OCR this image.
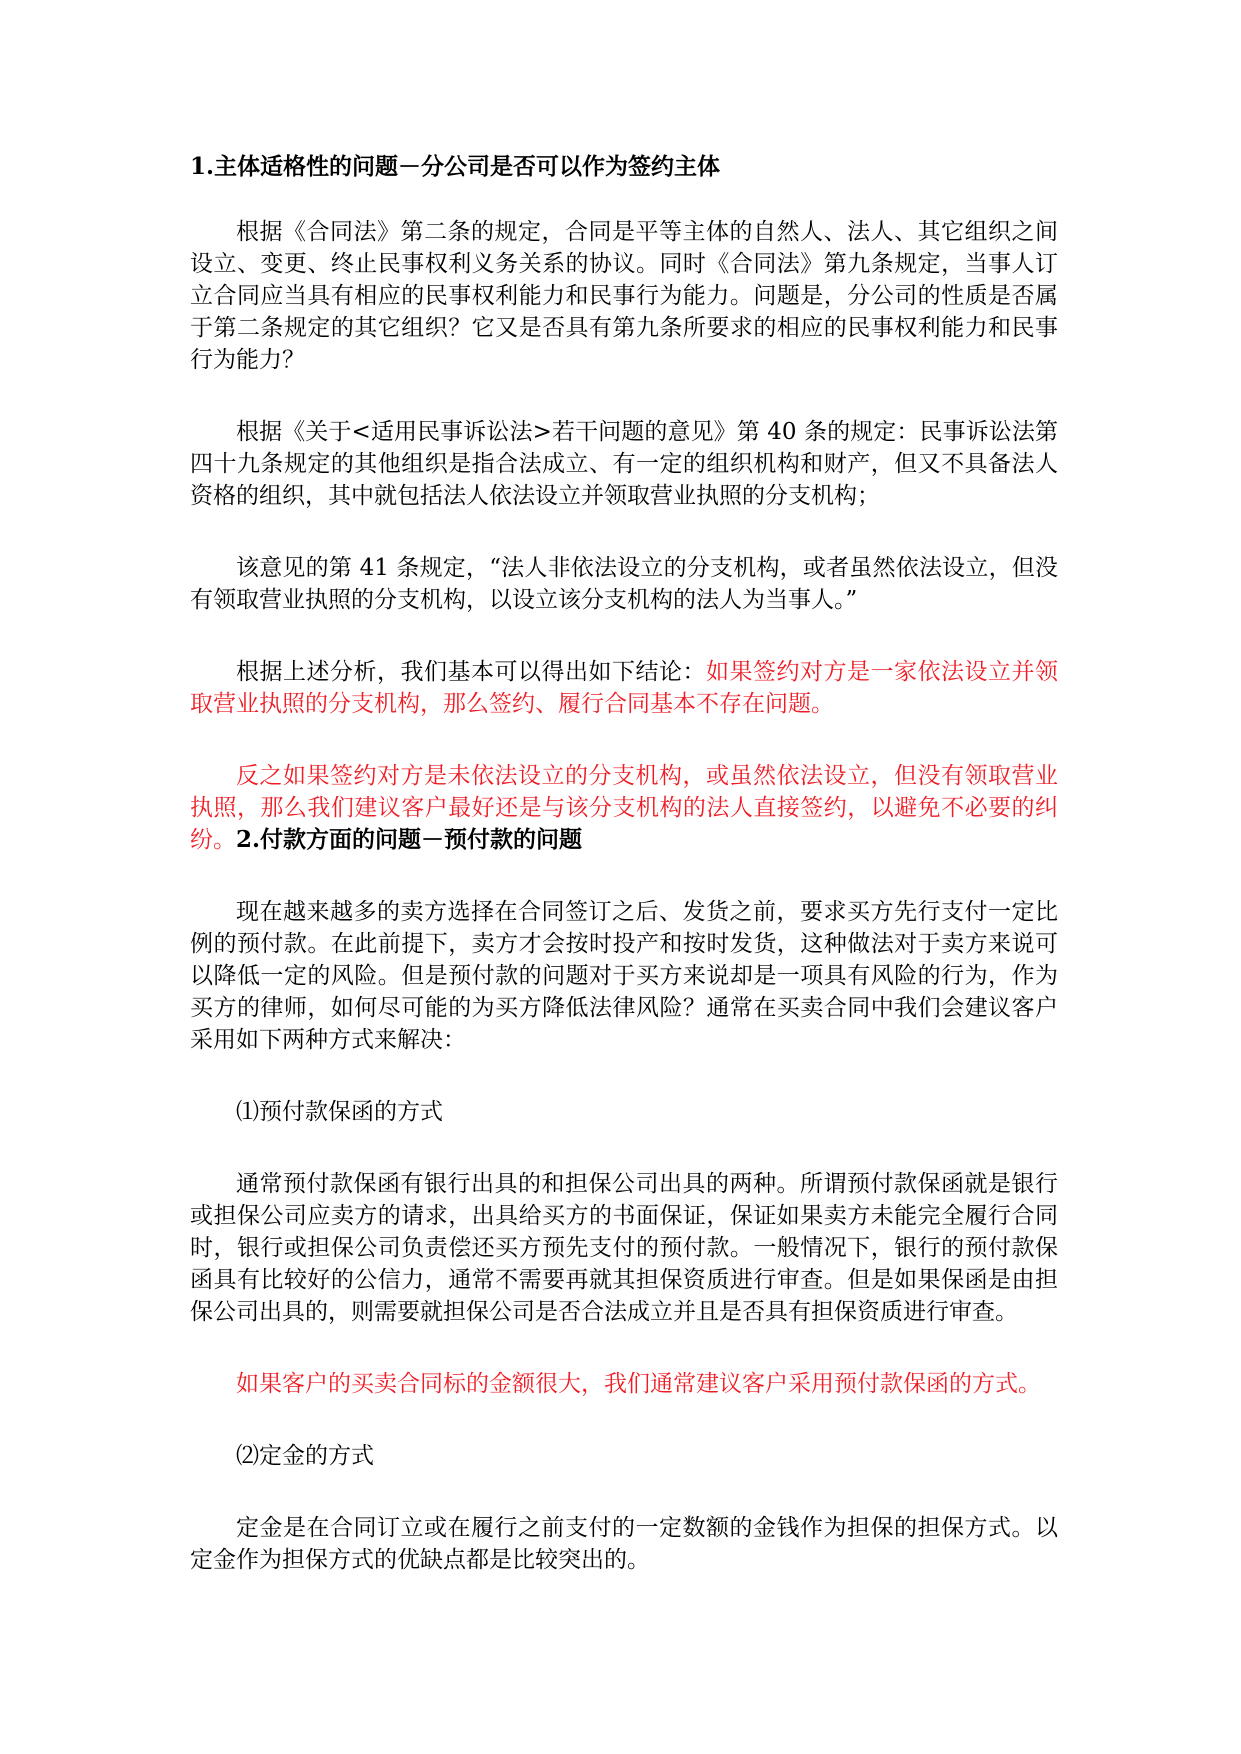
1.主体适格性的问题－分公司是否可以作为签约主体

根据《合同法》第二条的规定，合同是平等主体的自然人、法人、其它组织之间设立、变更、终止民事权利义务关系的协议。同时《合同法》第九条规定，当事人订立合同应当具有相应的民事权利能力和民事行为能力。问题是，分公司的性质是否属于第二条规定的其它组织？它又是否具有第九条所要求的相应的民事权利能力和民事行为能力？

根据《关于<适用民事诉讼法>若干问题的意见》第 40 条的规定：民事诉讼法第四十九条规定的其他组织是指合法成立、有一定的组织机构和财产，但又不具备法人资格的组织，其中就包括法人依法设立并领取营业执照的分支机构；

该意见的第 41 条规定，“法人非依法设立的分支机构，或者虽然依法设立，但没有领取营业执照的分支机构，以设立该分支机构的法人为当事人。”

根据上述分析，我们基本可以得出如下结论：如果签约对方是一家依法设立并领取营业执照的分支机构，那么签约、履行合同基本不存在问题。

反之如果签约对方是未依法设立的分支机构，或虽然依法设立，但没有领取营业执照，那么我们建议客户最好还是与该分支机构的法人直接签约，以避免不必要的纠纷。2.付款方面的问题－预付款的问题

现在越来越多的卖方选择在合同签订之后、发货之前，要求买方先行支付一定比例的预付款。在此前提下，卖方才会按时投产和按时发货，这种做法对于卖方来说可以降低一定的风险。但是预付款的问题对于买方来说却是一项具有风险的行为，作为买方的律师，如何尽可能的为买方降低法律风险？通常在买卖合同中我们会建议客户采用如下两种方式来解决：

⑴预付款保函的方式

通常预付款保函有银行出具的和担保公司出具的两种。所谓预付款保函就是银行或担保公司应卖方的请求，出具给买方的书面保证，保证如果卖方未能完全履行合同时，银行或担保公司负责偿还买方预先支付的预付款。一般情况下，银行的预付款保函具有比较好的公信力，通常不需要再就其担保资质进行审查。但是如果保函是由担保公司出具的，则需要就担保公司是否合法成立并且是否具有担保资质进行审查。

如果客户的买卖合同标的金额很大，我们通常建议客户采用预付款保函的方式。

⑵定金的方式

定金是在合同订立或在履行之前支付的一定数额的金钱作为担保的担保方式。以定金作为担保方式的优缺点都是比较突出的。
